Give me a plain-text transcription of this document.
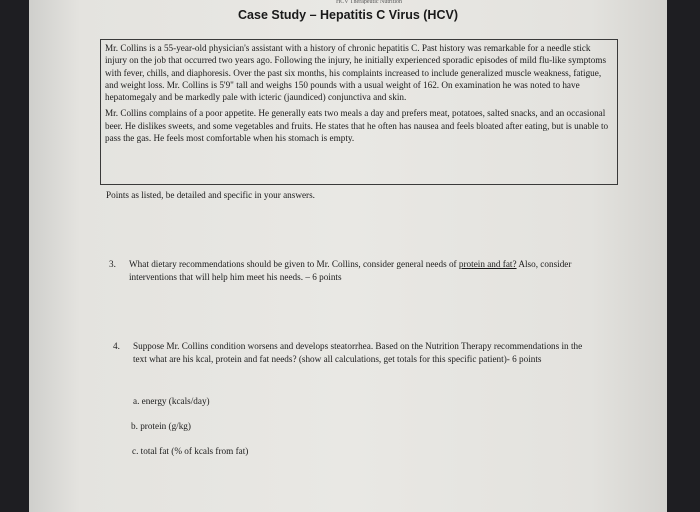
HCV Therapeutic Nutrition
Case Study – Hepatitis C Virus (HCV)

Mr. Collins is a 55-year-old physician's assistant with a history of chronic hepatitis C. Past history was remarkable for a needle stick injury on the job that occurred two years ago. Following the injury, he initially experienced sporadic episodes of mild flu-like symptoms with fever, chills, and diaphoresis. Over the past six months, his complaints increased to include generalized muscle weakness, fatigue, and weight loss. Mr. Collins is 5'9" tall and weighs 150 pounds with a usual weight of 162. On examination he was noted to have hepatomegaly and be markedly pale with icteric (jaundiced) conjunctiva and skin.

Mr. Collins complains of a poor appetite. He generally eats two meals a day and prefers meat, potatoes, salted snacks, and an occasional beer. He dislikes sweets, and some vegetables and fruits. He states that he often has nausea and feels bloated after eating, but is unable to pass the gas. He feels most comfortable when his stomach is empty.

Points as listed, be detailed and specific in your answers.
3. What dietary recommendations should be given to Mr. Collins, consider general needs of protein and fat? Also, consider interventions that will help him meet his needs. – 6 points
4. Suppose Mr. Collins condition worsens and develops steatorrhea. Based on the Nutrition Therapy recommendations in the text what are his kcal, protein and fat needs? (show all calculations, get totals for this specific patient)- 6 points
a. energy (kcals/day)
b. protein (g/kg)
c. total fat (% of kcals from fat)
